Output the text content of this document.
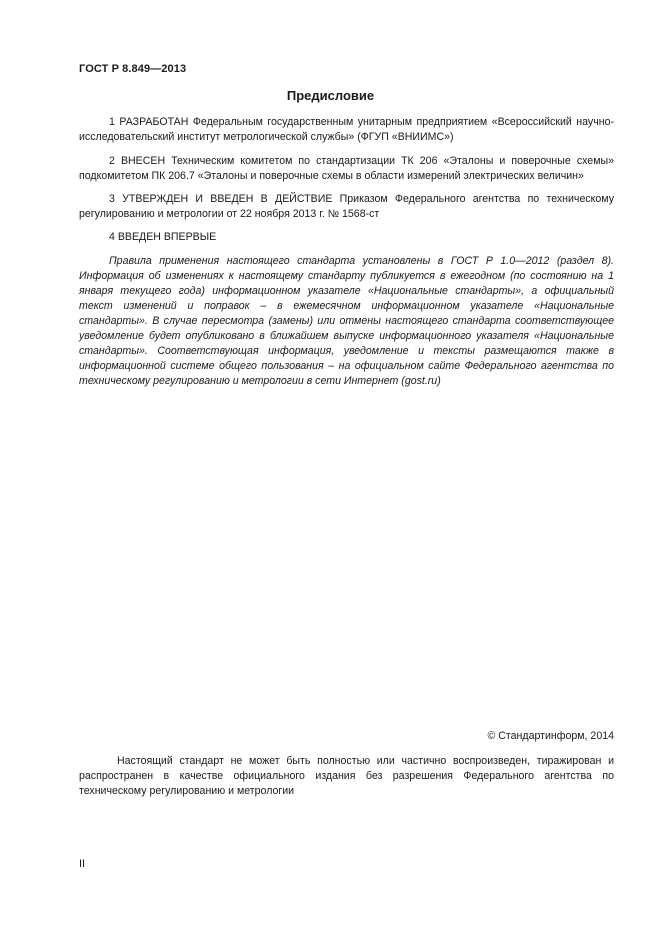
ГОСТ Р 8.849—2013
Предисловие
1 РАЗРАБОТАН Федеральным государственным унитарным предприятием «Всероссийский научно-исследовательский институт метрологической службы» (ФГУП «ВНИИМС»)
2 ВНЕСЕН Техническим комитетом по стандартизации ТК 206 «Эталоны и поверочные схемы» подкомитетом ПК 206.7 «Эталоны и поверочные схемы в области измерений электрических величин»
3 УТВЕРЖДЕН И ВВЕДЕН В ДЕЙСТВИЕ Приказом Федерального агентства по техническому регулированию и метрологии от 22 ноября 2013 г. № 1568-ст
4 ВВЕДЕН ВПЕРВЫЕ
Правила применения настоящего стандарта установлены в ГОСТ Р 1.0—2012 (раздел 8). Информация об изменениях к настоящему стандарту публикуется в ежегодном (по состоянию на 1 января текущего года) информационном указателе «Национальные стандарты», а официальный текст изменений и поправок – в ежемесячном информационном указателе «Национальные стандарты». В случае пересмотра (замены) или отмены настоящего стандарта соответствующее уведомление будет опубликовано в ближайшем выпуске информационного указателя «Национальные стандарты». Соответствующая информация, уведомление и тексты размещаются также в информационной системе общего пользования – на официальном сайте Федерального агентства по техническому регулированию и метрологии в сети Интернет (gost.ru)
© Стандартинформ, 2014
Настоящий стандарт не может быть полностью или частично воспроизведен, тиражирован и распространен в качестве официального издания без разрешения Федерального агентства по техническому регулированию и метрологии
II
